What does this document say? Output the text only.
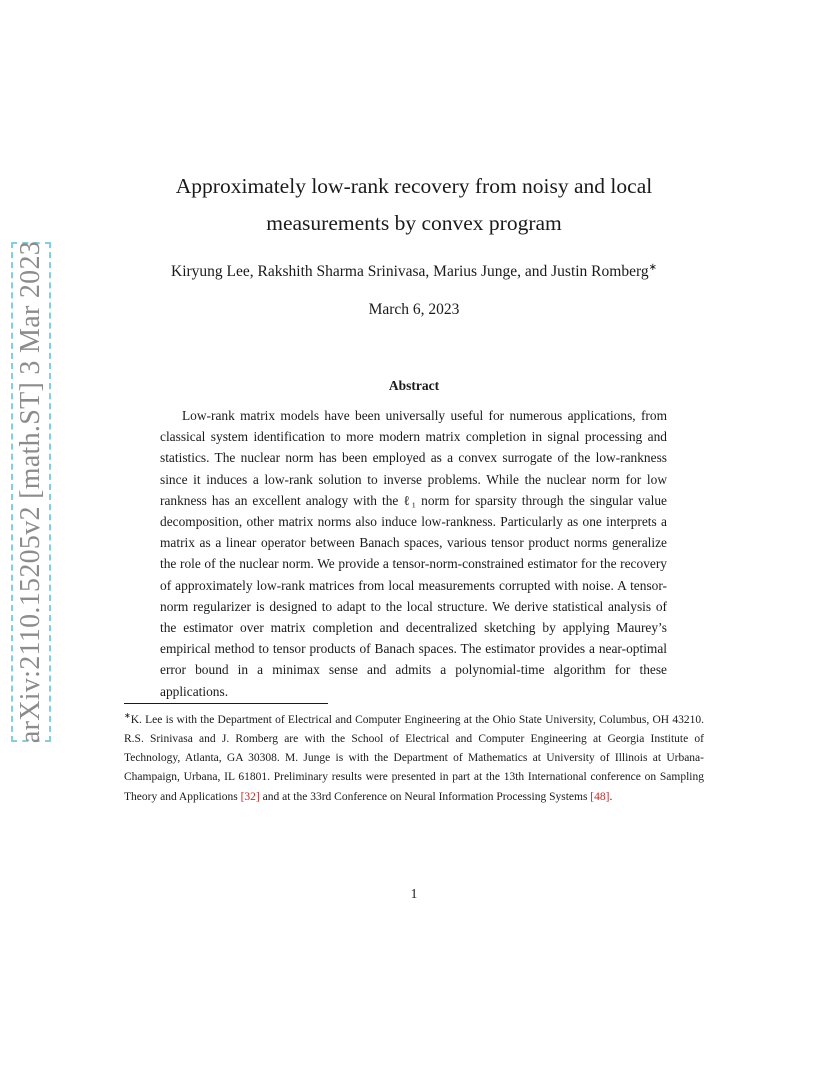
arXiv:2110.15205v2 [math.ST] 3 Mar 2023
Approximately low-rank recovery from noisy and local
measurements by convex program
Kiryung Lee, Rakshith Sharma Srinivasa, Marius Junge, and Justin Romberg∗
March 6, 2023
Abstract

Low-rank matrix models have been universally useful for numerous applications, from classical system identification to more modern matrix completion in signal processing and statistics. The nuclear norm has been employed as a convex surrogate of the low-rankness since it induces a low-rank solution to inverse problems. While the nuclear norm for low rankness has an excellent analogy with the ℓ₁ norm for sparsity through the singular value decomposition, other matrix norms also induce low-rankness. Particularly as one interprets a matrix as a linear operator between Banach spaces, various tensor product norms generalize the role of the nuclear norm. We provide a tensor-norm-constrained estimator for the recovery of approximately low-rank matrices from local measurements corrupted with noise. A tensor-norm regularizer is designed to adapt to the local structure. We derive statistical analysis of the estimator over matrix completion and decentralized sketching by applying Maurey’s empirical method to tensor products of Banach spaces. The estimator provides a near-optimal error bound in a minimax sense and admits a polynomial-time algorithm for these applications.

∗K. Lee is with the Department of Electrical and Computer Engineering at the Ohio State University, Columbus, OH 43210. R.S. Srinivasa and J. Romberg are with the School of Electrical and Computer Engineering at Georgia Institute of Technology, Atlanta, GA 30308. M. Junge is with the Department of Mathematics at University of Illinois at Urbana-Champaign, Urbana, IL 61801. Preliminary results were presented in part at the 13th International conference on Sampling Theory and Applications [32] and at the 33rd Conference on Neural Information Processing Systems [48].

1
